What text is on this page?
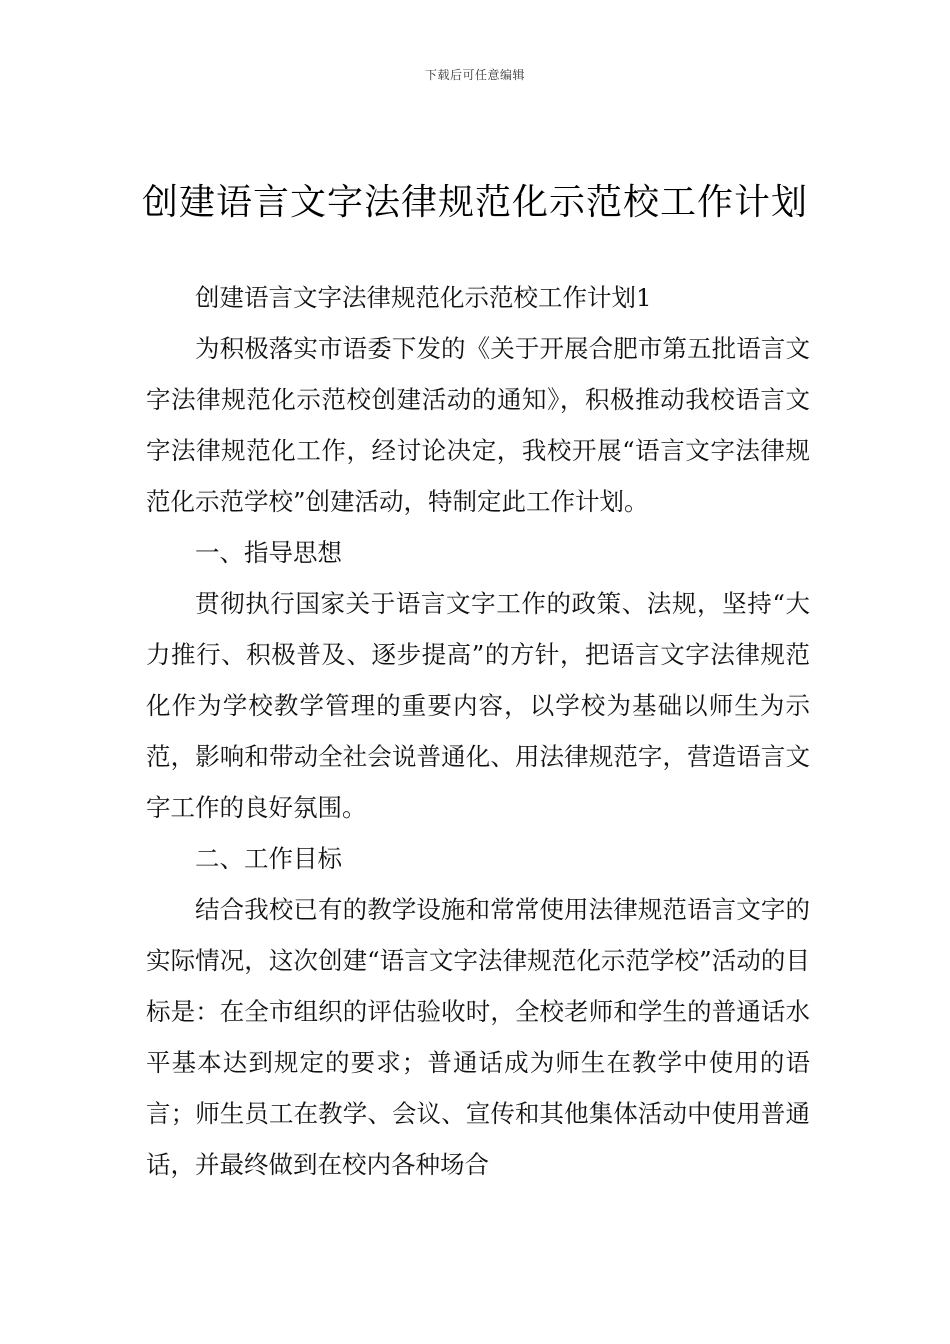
下载后可任意编辑
创建语言文字法律规范化示范校工作计划

创建语言文字法律规范化示范校工作计划1

为积极落实市语委下发的《关于开展合肥市第五批语言文字法律规范化示范校创建活动的通知》，积极推动我校语言文字法律规范化工作，经讨论决定，我校开展“语言文字法律规范化示范学校”创建活动，特制定此工作计划。

一、指导思想

贯彻执行国家关于语言文字工作的政策、法规，坚持“大力推行、积极普及、逐步提高”的方针，把语言文字法律规范化作为学校教学管理的重要内容，以学校为基础以师生为示范，影响和带动全社会说普通化、用法律规范字，营造语言文字工作的良好氛围。

二、工作目标

结合我校已有的教学设施和常常使用法律规范语言文字的实际情况，这次创建“语言文字法律规范化示范学校”活动的目标是：在全市组织的评估验收时，全校老师和学生的普通话水平基本达到规定的要求；普通话成为师生在教学中使用的语言；师生员工在教学、会议、宣传和其他集体活动中使用普通话，并最终做到在校内各种场合
